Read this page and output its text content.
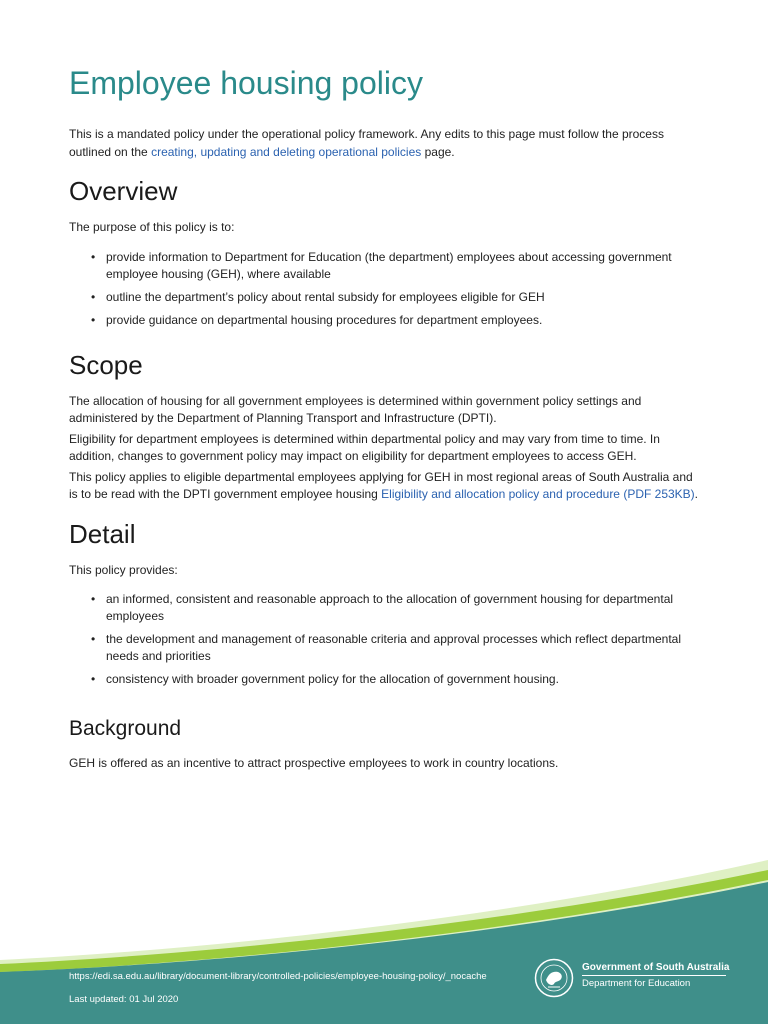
Employee housing policy

This is a mandated policy under the operational policy framework. Any edits to this page must follow the process outlined on the creating, updating and deleting operational policies page.

Overview

The purpose of this policy is to:

• provide information to Department for Education (the department) employees about accessing government employee housing (GEH), where available
• outline the department’s policy about rental subsidy for employees eligible for GEH
• provide guidance on departmental housing procedures for department employees.
Scope

The allocation of housing for all government employees is determined within government policy settings and administered by the Department of Planning Transport and Infrastructure (DPTI).

Eligibility for department employees is determined within departmental policy and may vary from time to time. In addition, changes to government policy may impact on eligibility for department employees to access GEH.

This policy applies to eligible departmental employees applying for GEH in most regional areas of South Australia and is to be read with the DPTI government employee housing Eligibility and allocation policy and procedure (PDF 253KB).

Detail

This policy provides:

• an informed, consistent and reasonable approach to the allocation of government housing for departmental employees
• the development and management of reasonable criteria and approval processes which reflect departmental needs and priorities
• consistency with broader government policy for the allocation of government housing.
Background

GEH is offered as an incentive to attract prospective employees to work in country locations.

https://edi.sa.edu.au/library/document-library/controlled-policies/employee-housing-policy/_nocache
Last updated: 01 Jul 2020
Government of South Australia
Department for Education
